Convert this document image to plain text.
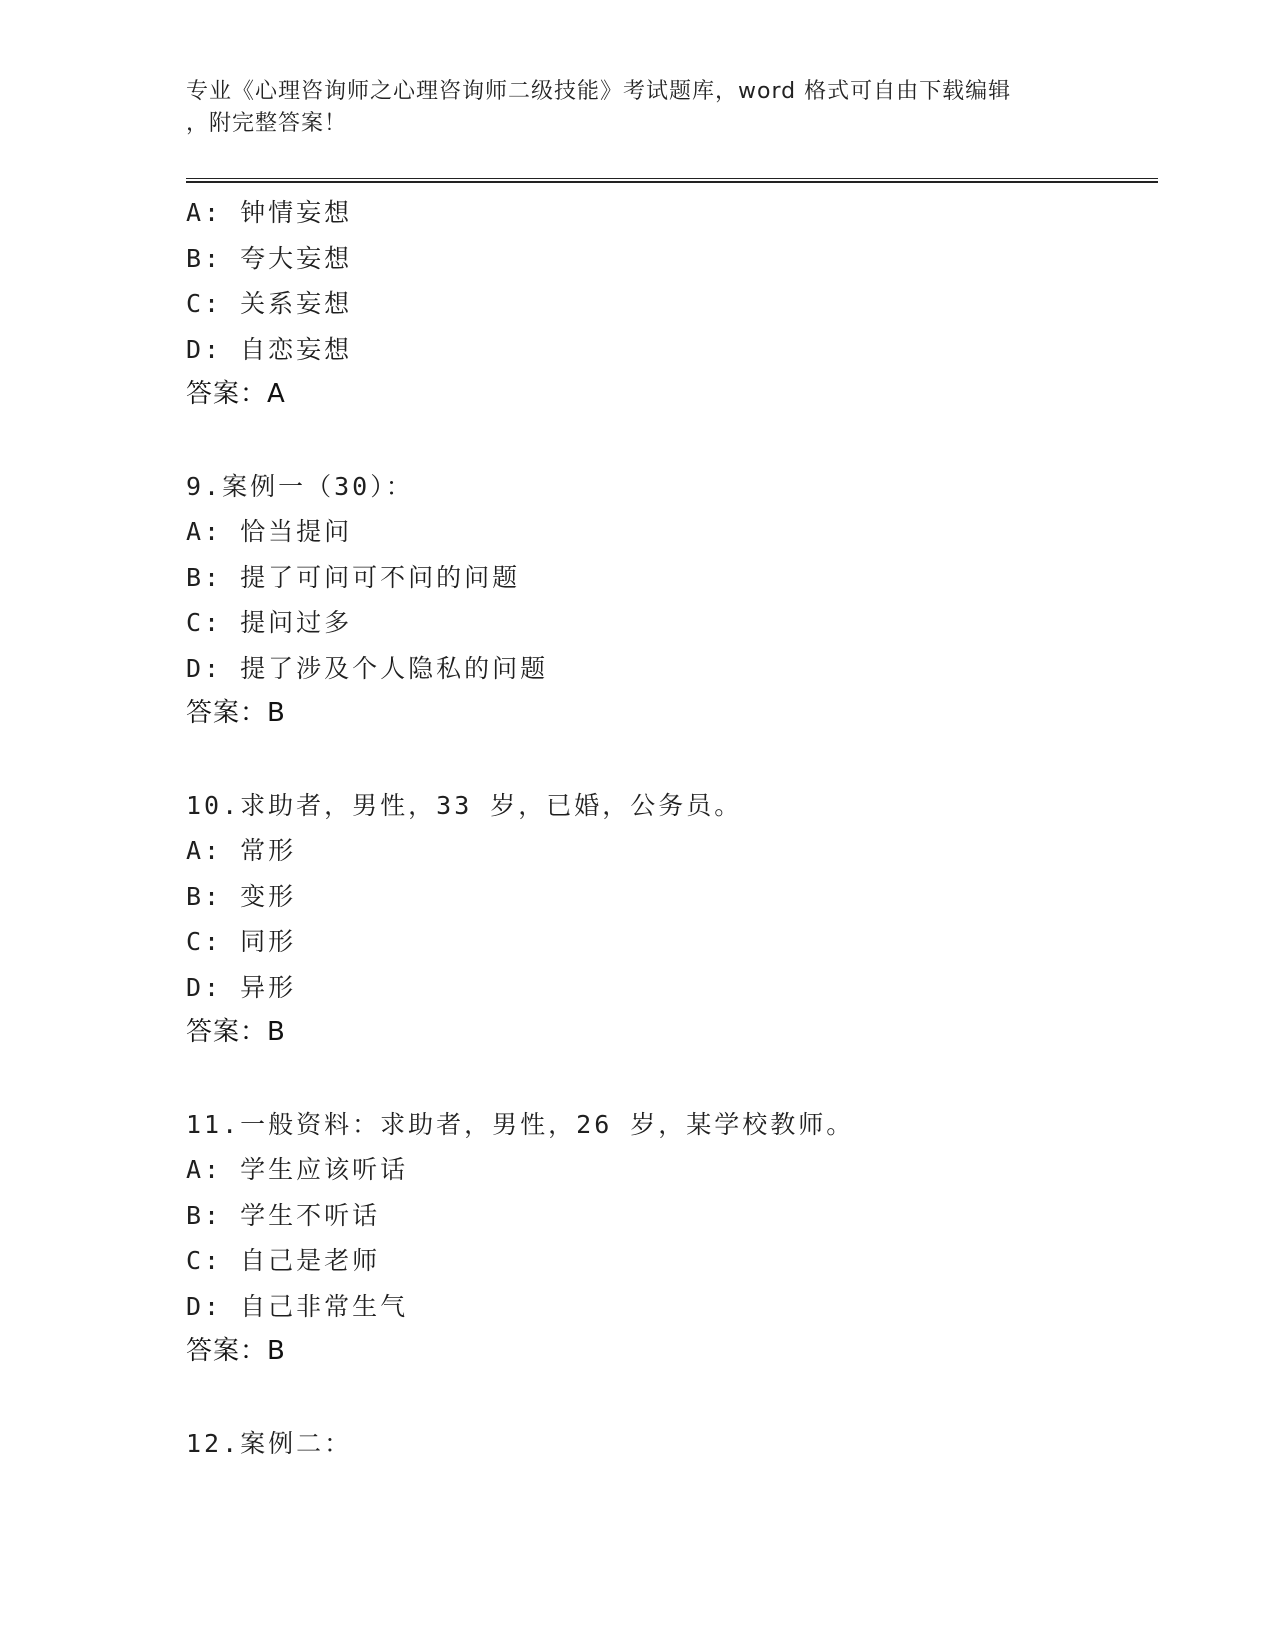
专业《心理咨询师之心理咨询师二级技能》考试题库，word 格式可自由下载编辑
，附完整答案！
A: 钟情妄想
B: 夸大妄想
C: 关系妄想
D: 自恋妄想
答案：A
9.案例一（30）：
A: 恰当提问
B: 提了可问可不问的问题
C: 提问过多
D: 提了涉及个人隐私的问题
答案：B
10.求助者，男性，33 岁，已婚，公务员。
A: 常形
B: 变形
C: 同形
D: 异形
答案：B
11.一般资料：求助者，男性，26 岁，某学校教师。
A: 学生应该听话
B: 学生不听话
C: 自己是老师
D: 自己非常生气
答案：B
12.案例二：
